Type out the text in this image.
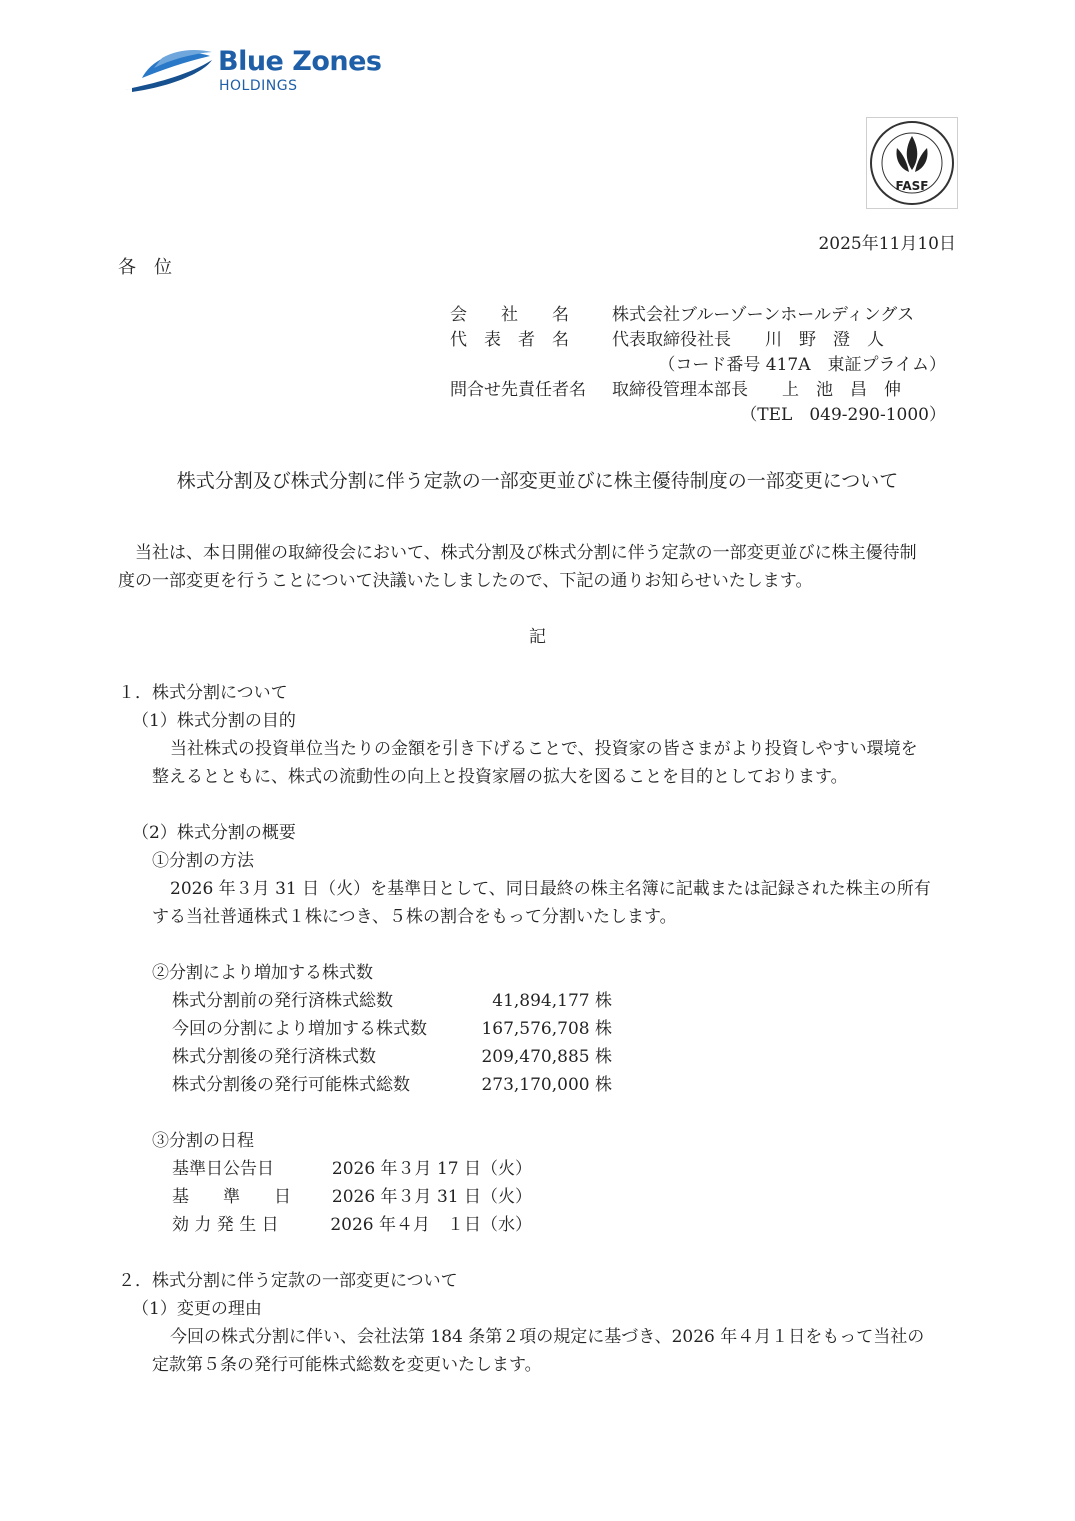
Blue Zones
HOLDINGS
FASF
2025年11月10日
各　位
会　　社　　名	株式会社ブルーゾーンホールディングス
代　表　者　名	代表取締役社長　　川　野　澄　人
（コード番号 417A　東証プライム）
問合せ先責任者名	取締役管理本部長　　上　池　昌　伸
（TEL　049-290-1000）
株式分割及び株式分割に伴う定款の一部変更並びに株主優待制度の一部変更について
　当社は、本日開催の取締役会において、株式分割及び株式分割に伴う定款の一部変更並びに株主優待制
度の一部変更を行うことについて決議いたしましたので、下記の通りお知らせいたします。
記
１．株式分割について
（1）株式分割の目的
当社株式の投資単位当たりの金額を引き下げることで、投資家の皆さまがより投資しやすい環境を
整えるとともに、株式の流動性の向上と投資家層の拡大を図ることを目的としております。
（2）株式分割の概要
①分割の方法
2026 年３月 31 日（火）を基準日として、同日最終の株主名簿に記載または記録された株主の所有
する当社普通株式１株につき、５株の割合をもって分割いたします。
②分割により増加する株式数
株式分割前の発行済株式総数	41,894,177 株
今回の分割により増加する株式数	167,576,708 株
株式分割後の発行済株式数	209,470,885 株
株式分割後の発行可能株式総数	273,170,000 株
③分割の日程
基準日公告日	2026 年３月 17 日（火）
基　　準　　日	2026 年３月 31 日（火）
効 力 発 生 日	2026 年４月　１日（水）
２．株式分割に伴う定款の一部変更について
（1）変更の理由
今回の株式分割に伴い、会社法第 184 条第２項の規定に基づき、2026 年４月１日をもって当社の
定款第５条の発行可能株式総数を変更いたします。
